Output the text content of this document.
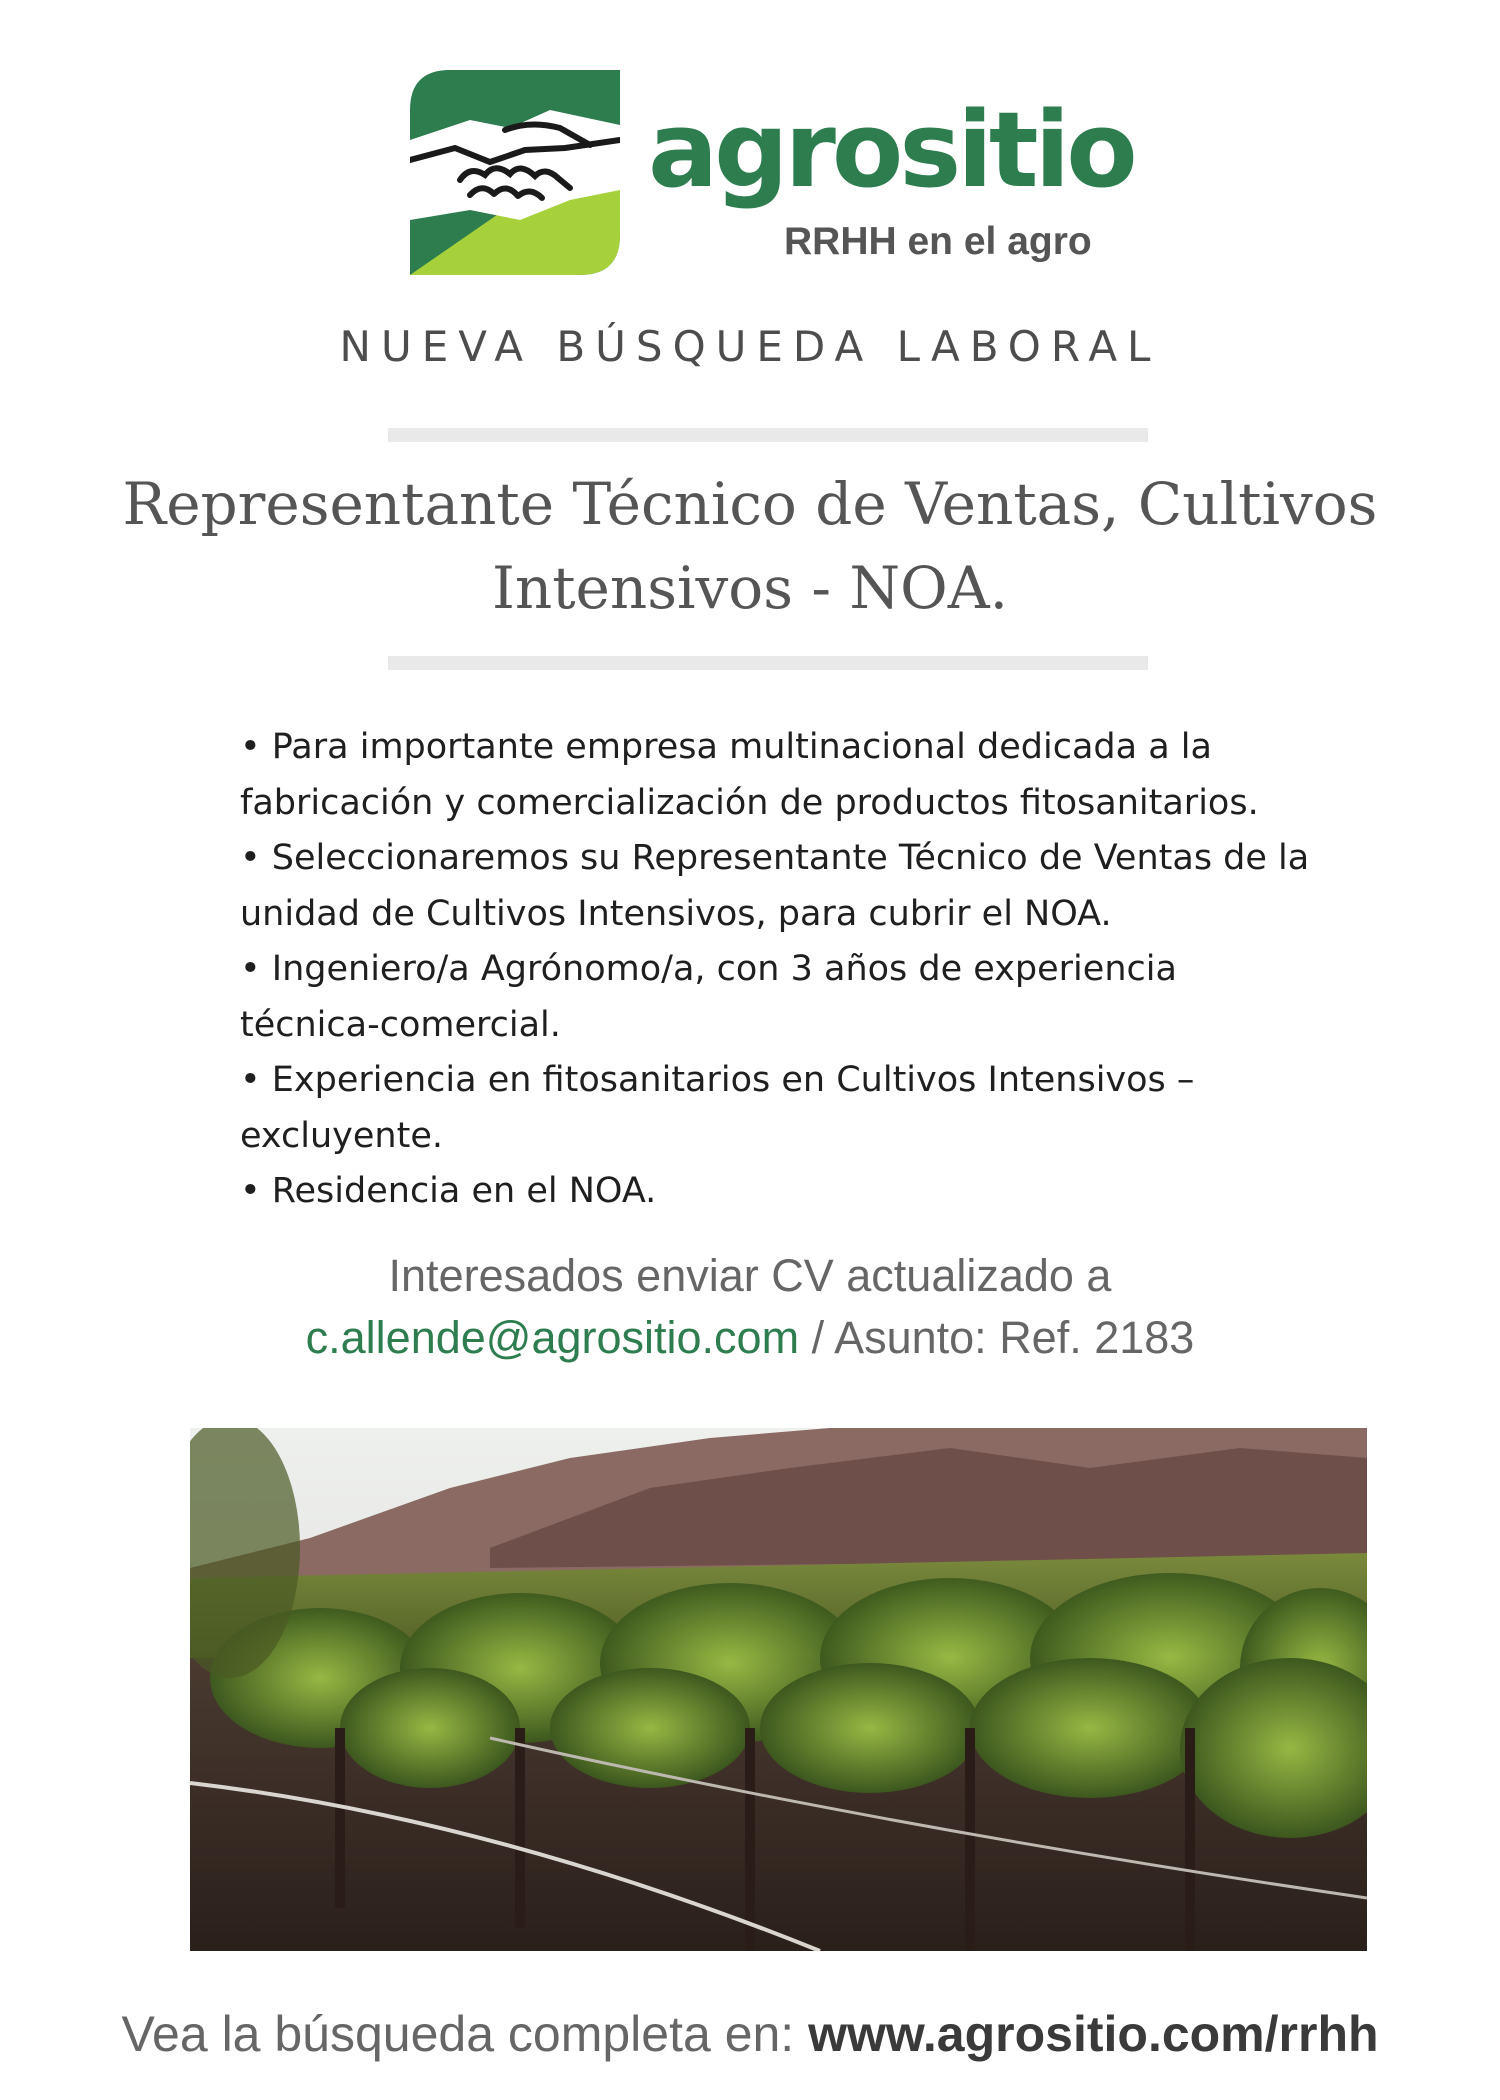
agrositio
RRHH en el agro
NUEVA BÚSQUEDA LABORAL
Representante Técnico de Ventas, Cultivos Intensivos - NOA.

• Para importante empresa multinacional dedicada a la fabricación y comercialización de productos fitosanitarios.

• Seleccionaremos su Representante Técnico de Ventas de la unidad de Cultivos Intensivos, para cubrir el NOA.

• Ingeniero/a Agrónomo/a, con 3 años de experiencia técnica-comercial.

• Experiencia en fitosanitarios en Cultivos Intensivos – excluyente.

• Residencia en el NOA.

Interesados enviar CV actualizado a
c.allende@agrositio.com / Asunto: Ref. 2183
Vea la búsqueda completa en: www.agrositio.com/rrhh
